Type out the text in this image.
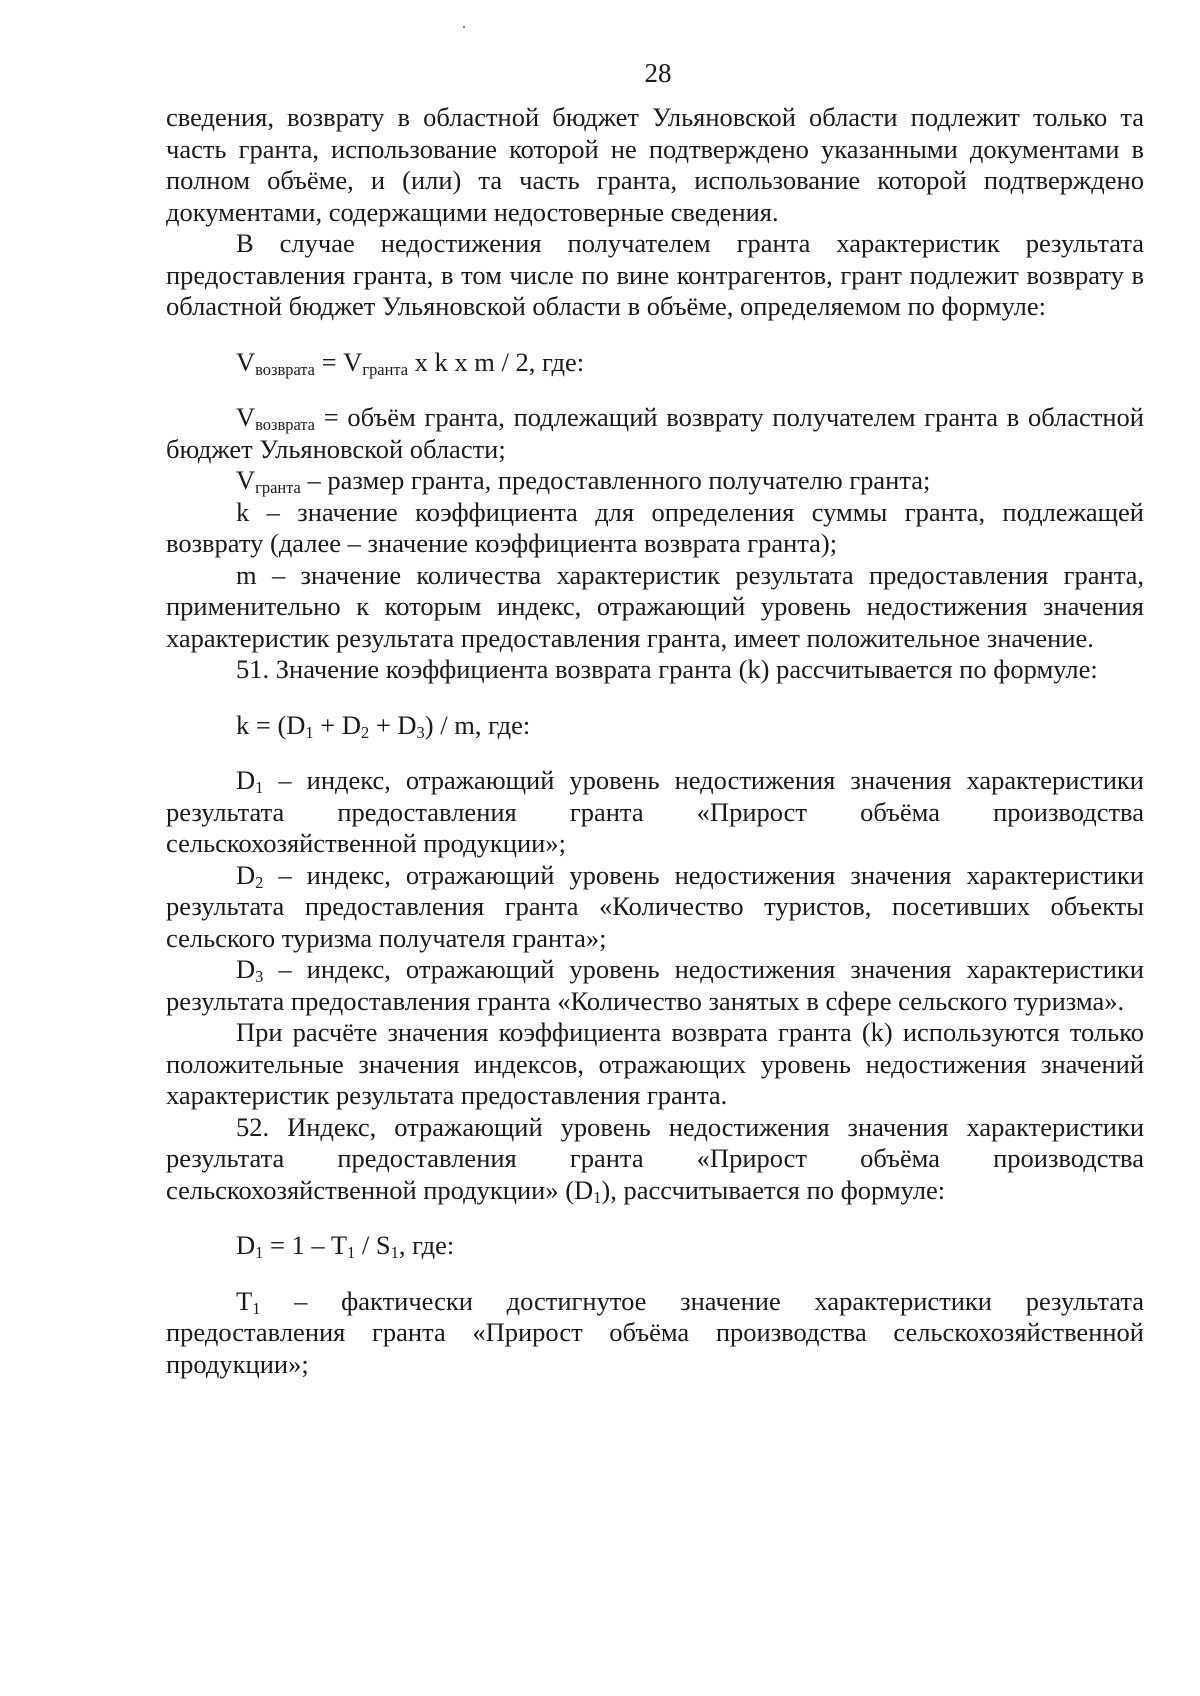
28

сведения, возврату в областной бюджет Ульяновской области подлежит только та часть гранта, использование которой не подтверждено указанными документами в полном объёме, и (или) та часть гранта, использование которой подтверждено документами, содержащими недостоверные сведения.

В случае недостижения получателем гранта характеристик результата предоставления гранта, в том числе по вине контрагентов, грант подлежит возврату в областной бюджет Ульяновской области в объёме, определяемом по формуле:

$V_{возврата} = V_{гранта}$ x k x m / 2, где:

$V_{возврата}$ = объём гранта, подлежащий возврату получателем гранта в областной бюджет Ульяновской области;

$V_{гранта}$ – размер гранта, предоставленного получателю гранта;

k – значение коэффициента для определения суммы гранта, подлежащей возврату (далее – значение коэффициента возврата гранта);

m – значение количества характеристик результата предоставления гранта, применительно к которым индекс, отражающий уровень недостижения значения характеристик результата предоставления гранта, имеет положительное значение.

51. Значение коэффициента возврата гранта (k) рассчитывается по формуле:

$k = (D_1 + D_2 + D_3) / m$, где:

$D_1$ – индекс, отражающий уровень недостижения значения характеристики результата предоставления гранта «Прирост объёма производства сельскохозяйственной продукции»;

$D_2$ – индекс, отражающий уровень недостижения значения характеристики результата предоставления гранта «Количество туристов, посетивших объекты сельского туризма получателя гранта»;

$D_3$ – индекс, отражающий уровень недостижения значения характеристики результата предоставления гранта «Количество занятых в сфере сельского туризма».

При расчёте значения коэффициента возврата гранта (k) используются только положительные значения индексов, отражающих уровень недостижения значений характеристик результата предоставления гранта.

52. Индекс, отражающий уровень недостижения значения характеристики результата предоставления гранта «Прирост объёма производства сельскохозяйственной продукции» $(D_1)$, рассчитывается по формуле:

$D_1 = 1 - T_1 / S_1$, где:

$T_1$ – фактически достигнутое значение характеристики результата предоставления гранта «Прирост объёма производства сельскохозяйственной продукции»;
